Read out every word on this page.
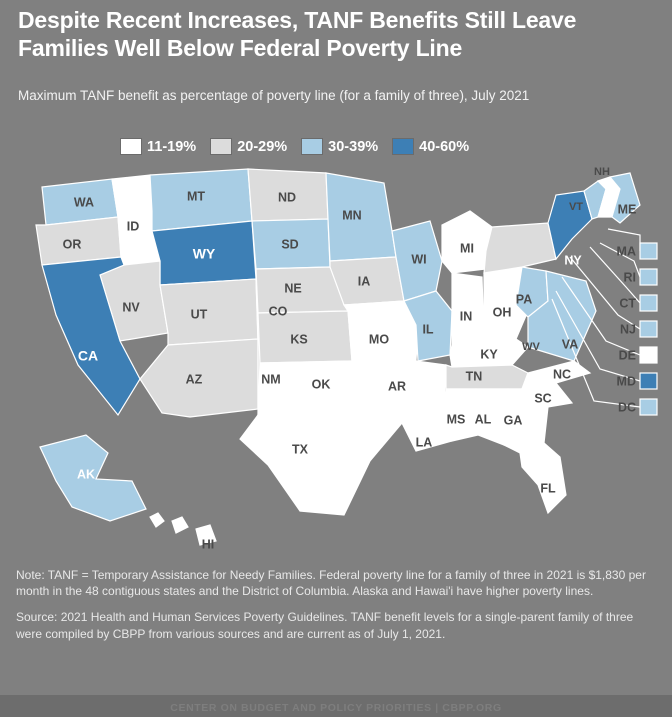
Despite Recent Increases, TANF Benefits Still Leave Families Well Below Federal Poverty Line
Maximum TANF benefit as percentage of poverty line (for a family of three), July 2021
11-19%	20-29%	30-39%	40-60%
MA
RI
CT
NJ
DE
MD
DC
WA
OR
ID
MT	ND
SD
MN
WI
MI
WY
NE	IA
IL
IN OH
PA
NV	UT	CO
KS	MO
KY
WV VA
CA
AZ	NM OK	AR
TN	NC
SC
GA
AL
MS
LA
TX
FL
NY
VT
NH
ME
AK
HI
Note: TANF = Temporary Assistance for Needy Families. Federal poverty line for a family of three in 2021 is $1,830 per month in the 48 contiguous states and the District of Columbia. Alaska and Hawai'i have higher poverty lines.
Source: 2021 Health and Human Services Poverty Guidelines. TANF benefit levels for a single-parent family of three were compiled by CBPP from various sources and are current as of July 1, 2021.
CENTER ON BUDGET AND POLICY PRIORITIES | CBPP.ORG
